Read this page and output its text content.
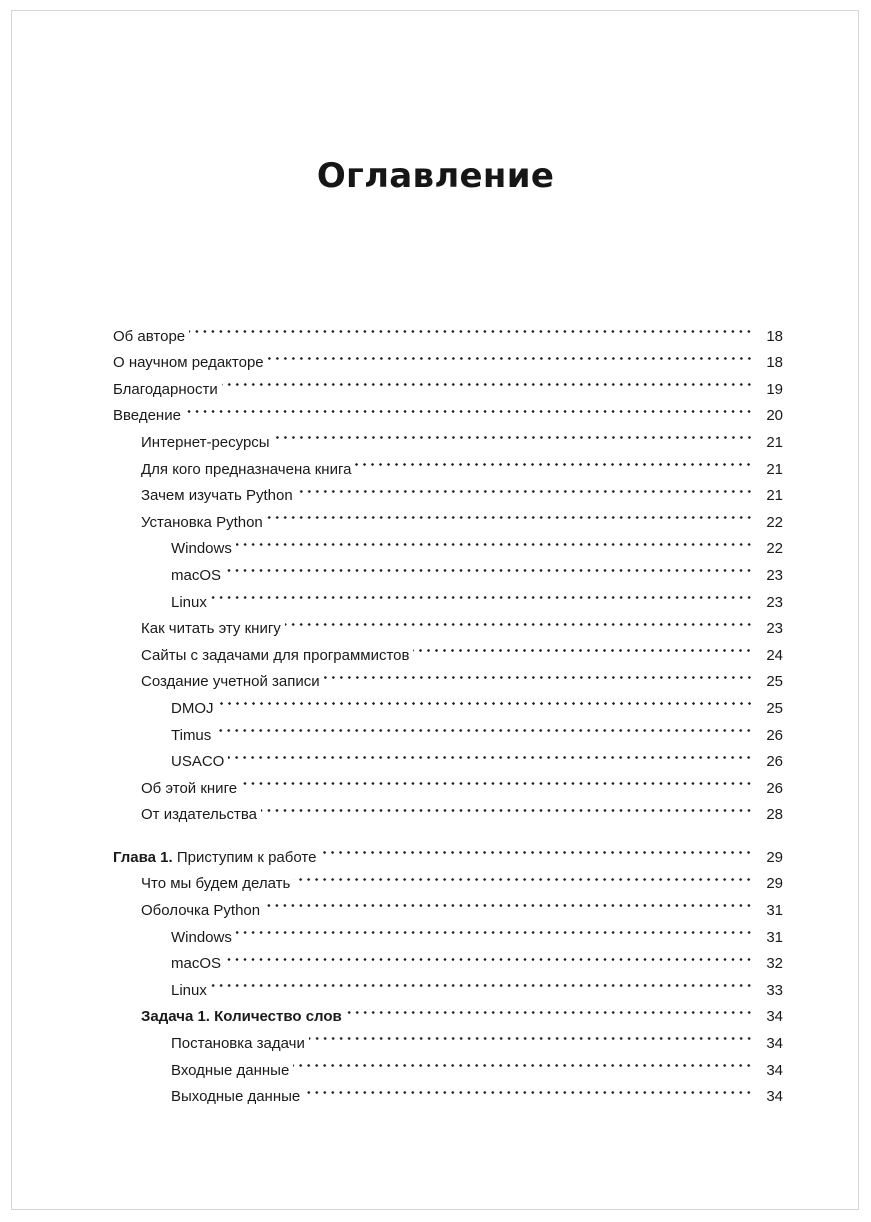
Оглавление
Об авторе	18
О научном редакторе	18
Благодарности	19
Введение	20
Интернет-ресурсы	21
Для кого предназначена книга	21
Зачем изучать Python	21
Установка Python	22
Windows	22
macOS	23
Linux	23
Как читать эту книгу	23
Сайты с задачами для программистов	24
Создание учетной записи	25
DMOJ	25
Timus	26
USACO	26
Об этой книге	26
От издательства	28
Глава 1. Приступим к работе	29
Что мы будем делать	29
Оболочка Python	31
Windows	31
macOS	32
Linux	33
Задача 1. Количество слов	34
Постановка задачи	34
Входные данные	34
Выходные данные	34
